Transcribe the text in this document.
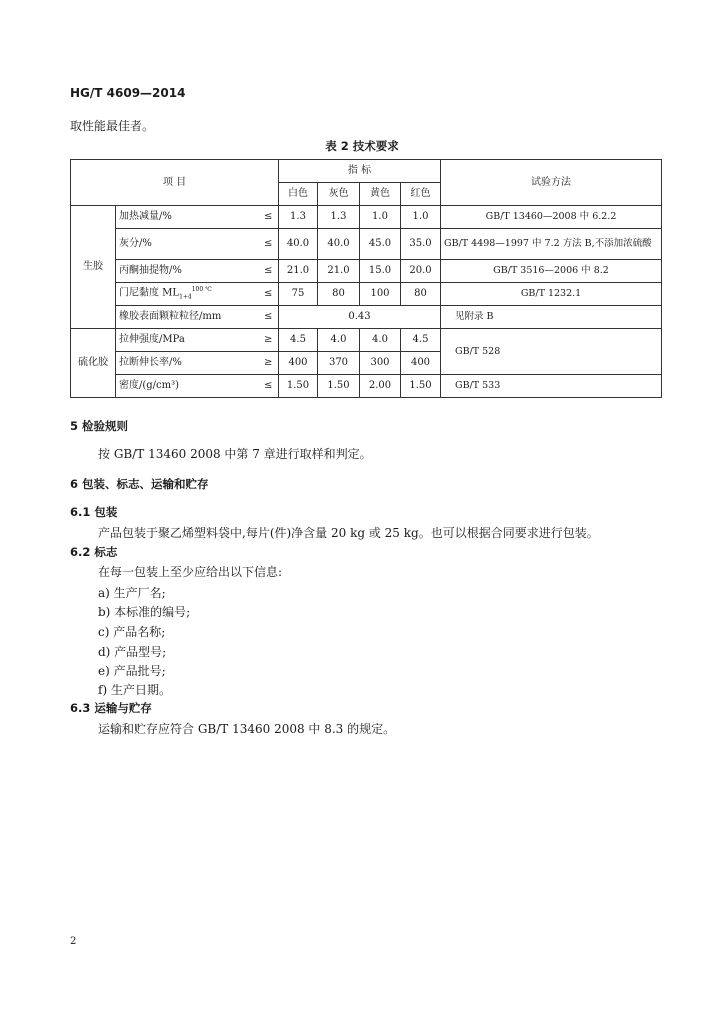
HG/T 4609—2014
取性能最佳者。
表 2 技术要求
项 目			指 标				试验方法
			白色	灰色	黄色	红色	
生胶	加热减量/%	≤	1.3	1.3	1.0	1.0	GB/T 13460—2008 中 6.2.2
	灰分/%	≤	40.0	40.0	45.0	35.0	GB/T 4498—1997 中 7.2 方法 B,不添加浓硫酸
	丙酮抽提物/%	≤	21.0	21.0	15.0	20.0	GB/T 3516—2006 中 8.2
	门尼黏度 $ML_{1+4}^{100 ℃}$	≤	75	80	100	80	GB/T 1232.1
	橡胶表面颗粒粒径/mm	≤	0.43				见附录 B
硫化胶	拉伸强度/MPa	≥	4.5	4.0	4.0	4.5	GB/T 528
	拉断伸长率/%	≥	400	370	300	400	
	密度/(g/cm³)	≤	1.50	1.50	2.00	1.50	GB/T 533
5 检验规则
按 GB/T 13460 2008 中第 7 章进行取样和判定。
6 包装、标志、运输和贮存
6.1 包装
产品包装于聚乙烯塑料袋中,每片(件)净含量 20 kg 或 25 kg。也可以根据合同要求进行包装。
6.2 标志
在每一包装上至少应给出以下信息:
a) 生产厂名;
b) 本标准的编号;
c) 产品名称;
d) 产品型号;
e) 产品批号;
f) 生产日期。
6.3 运输与贮存
运输和贮存应符合 GB/T 13460 2008 中 8.3 的规定。
2
